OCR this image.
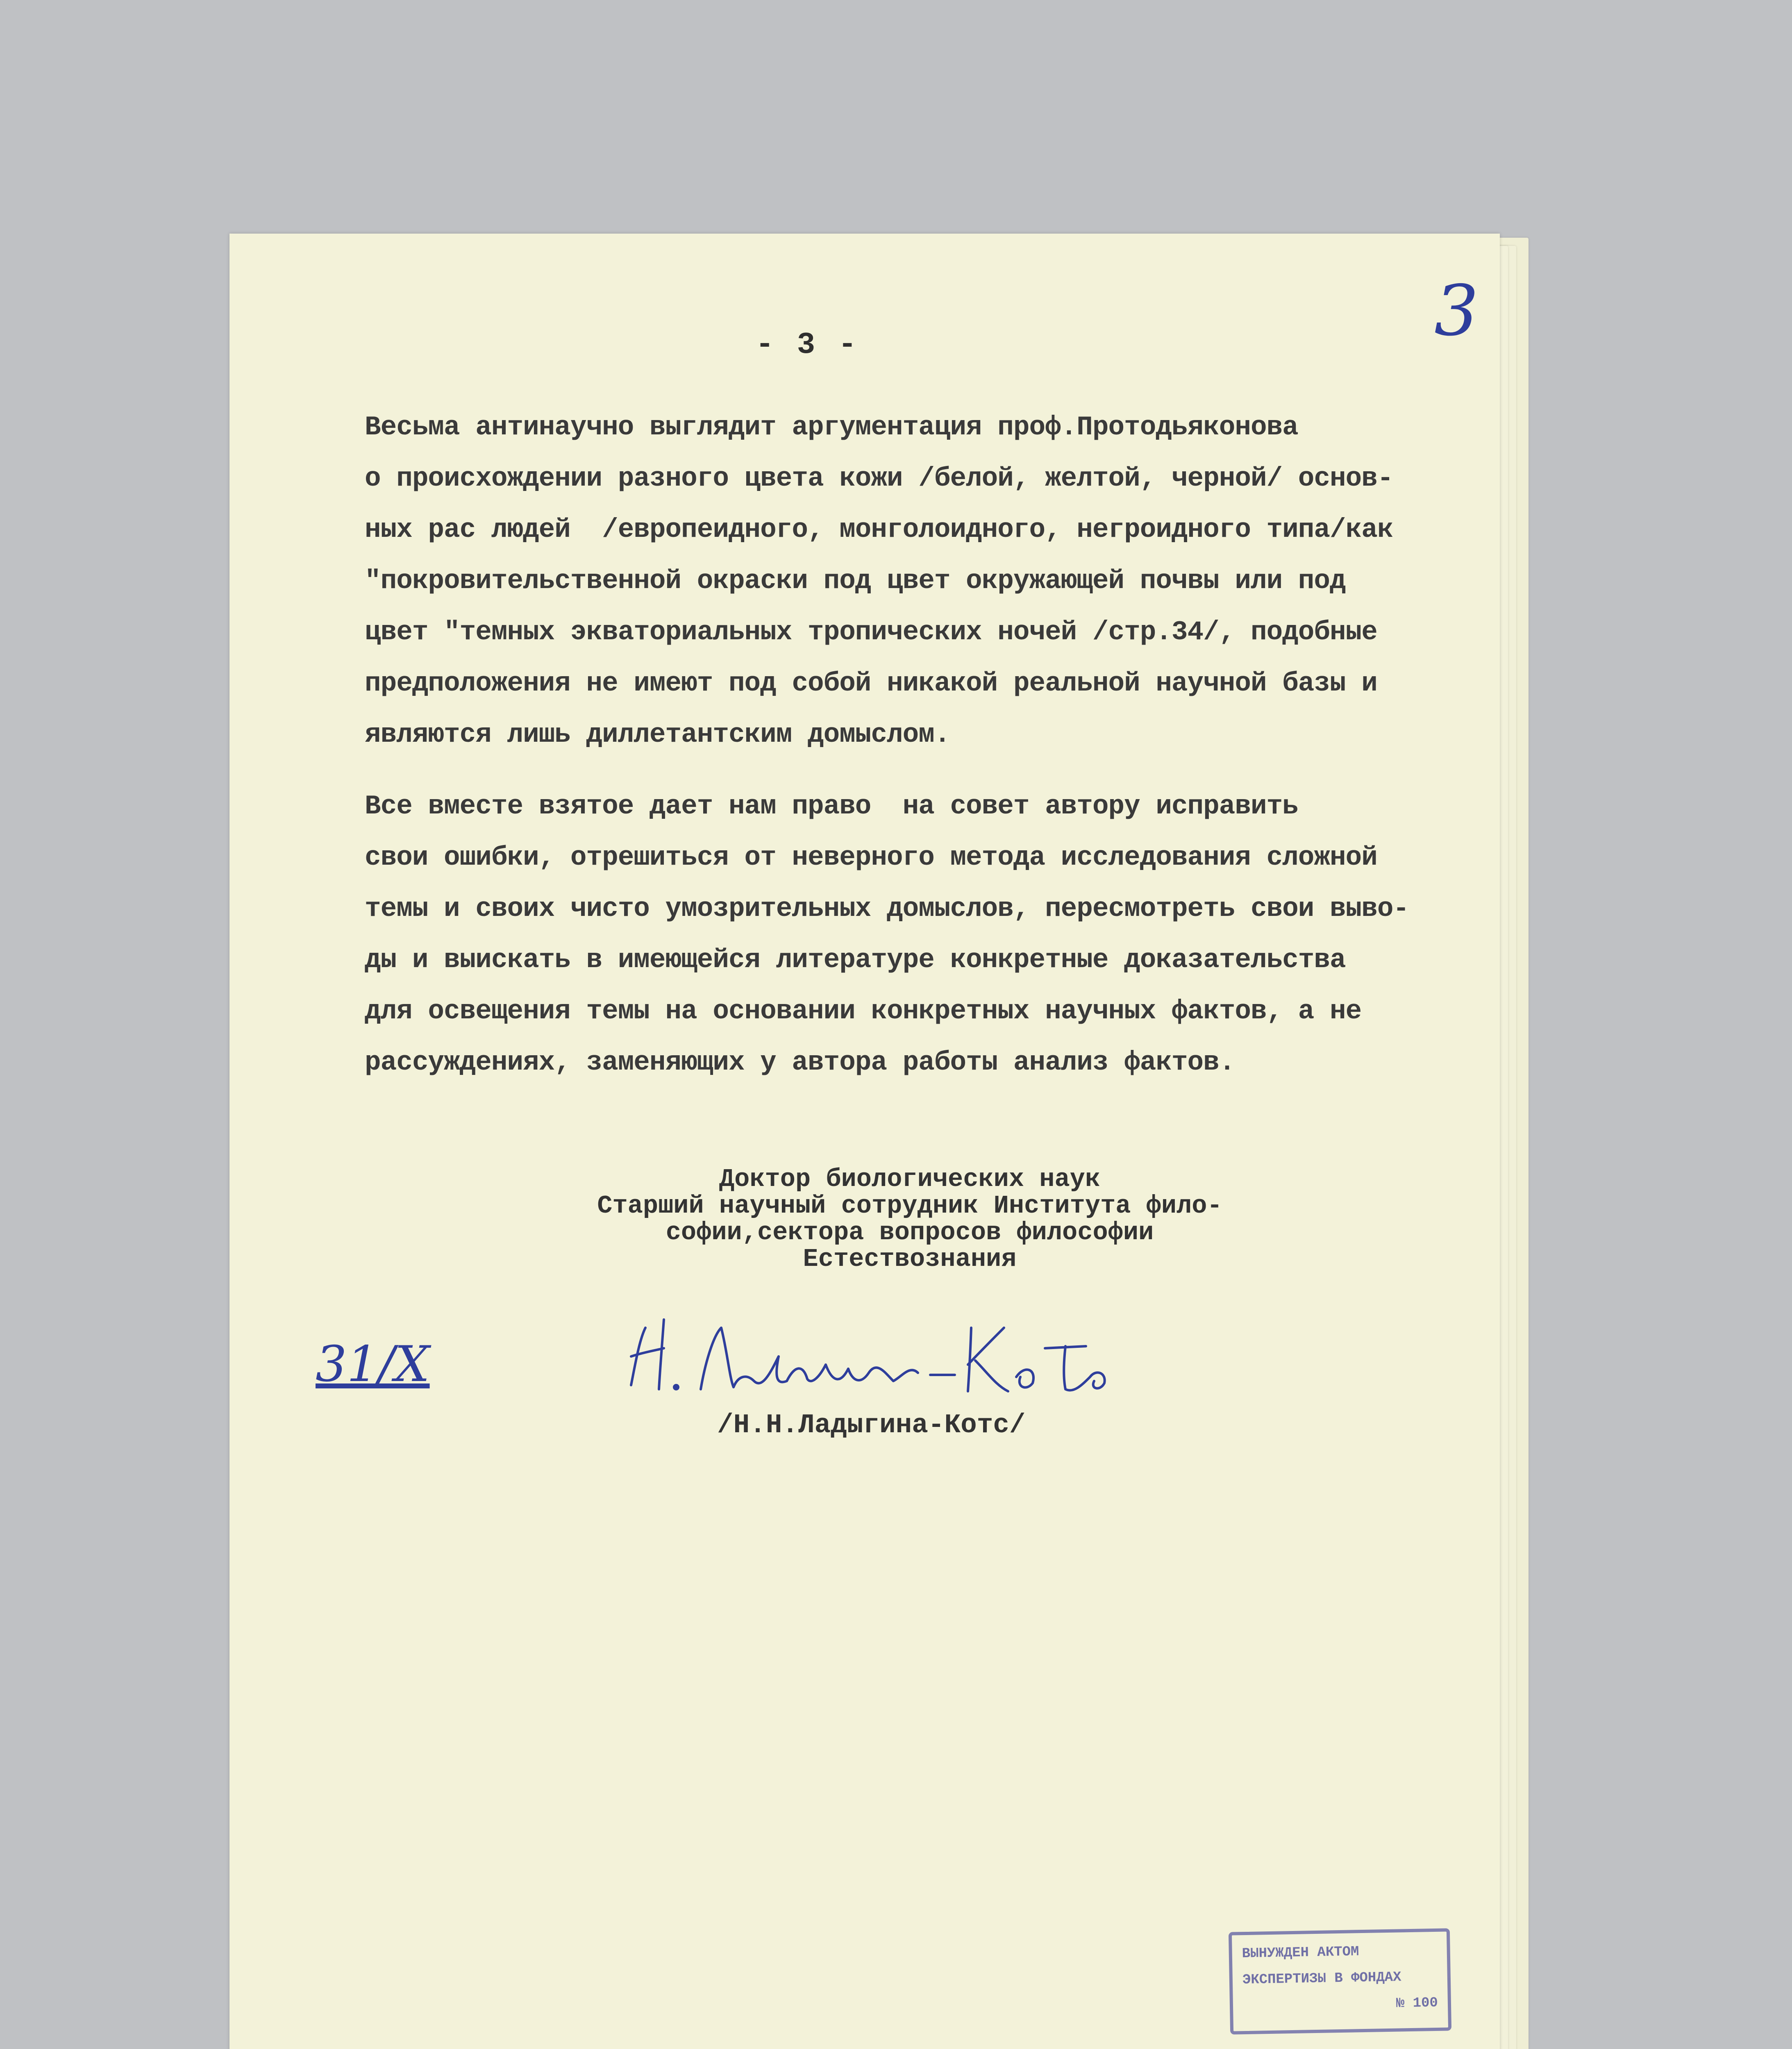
- 3 -	3

Весьма антинаучно выглядит аргументация проф.Протодьяконова
о происхождении разного цвета кожи /белой, желтой, черной/ основ-
ных рас людей  /европеидного, монголоидного, негроидного типа/как
"покровительственной окраски под цвет окружающей почвы или под
цвет "темных экваториальных тропических ночей /стр.34/, подобные
предположения не имеют под собой никакой реальной научной базы и
являются лишь диллетантским домыслом.

Все вместе взятое дает нам право  на совет автору исправить
свои ошибки, отрешиться от неверного метода исследования сложной
темы и своих чисто умозрительных домыслов, пересмотреть свои выво-
ды и выискать в имеющейся литературе конкретные доказательства
для освещения темы на основании конкретных научных фактов, а не
рассуждениях, заменяющих у автора работы анализ фактов.

Доктор биологических наук
Старший научный сотрудник Института фило-
софии,сектора вопросов философии
Естествознания
31/X
/Н.Н.Ладыгина-Котс/
ВЫНУЖДЕН АКТОМ
ЭКСПЕРТИЗЫ В ФОНДАХ
№ 100
